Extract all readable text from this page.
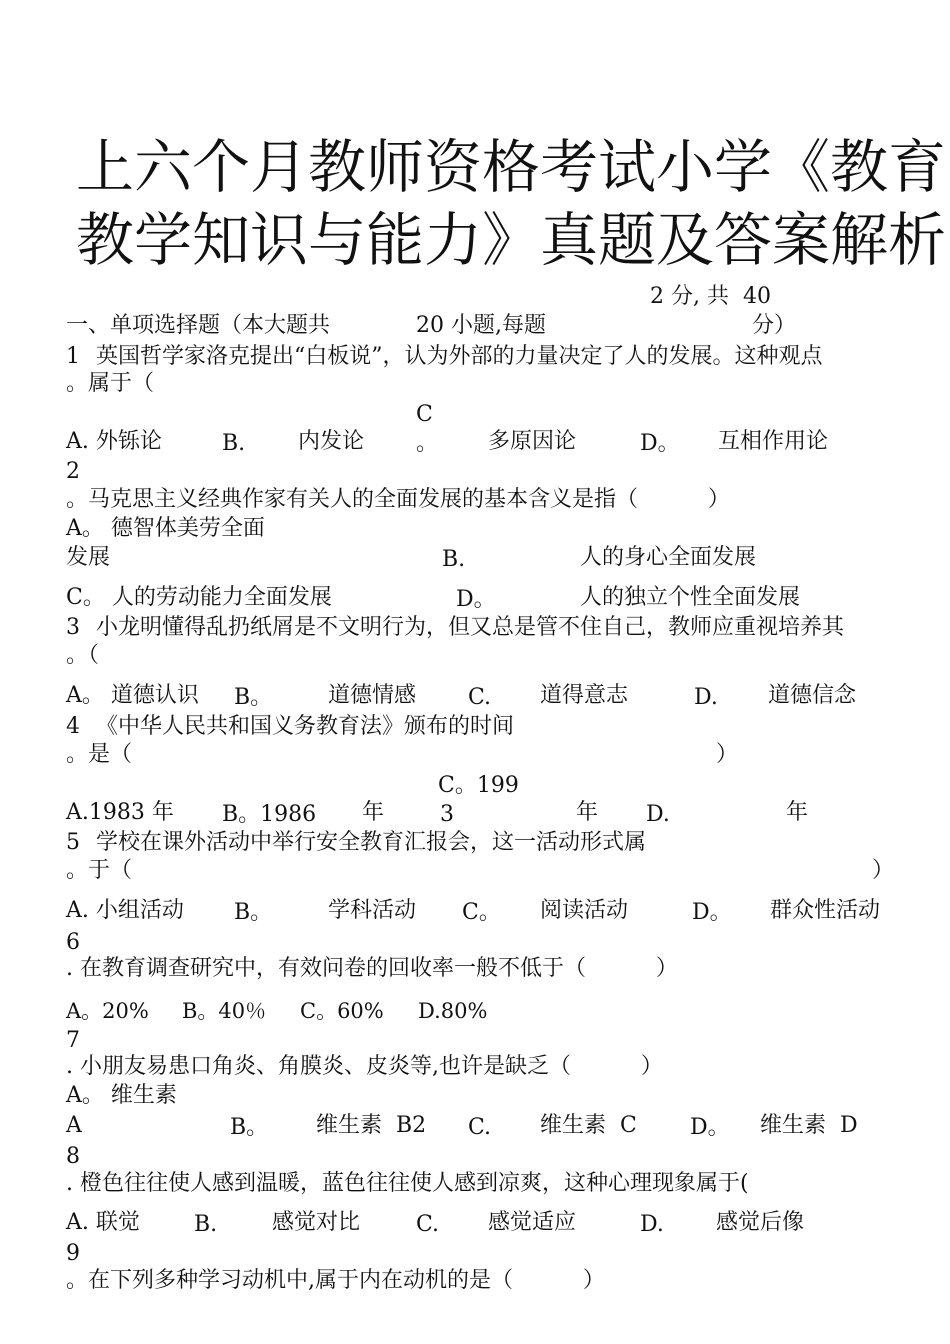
上六个月教师资格考试小学《教育
教学知识与能力》真题及答案解析
2 分, 共  40
一、单项选择题（本大题共	20 小题,每题	分）
1 英国哲学家洛克提出“白板说”，认为外部的力量决定了人的发展。这种观点
。属于（
C
A. 外铄论	B. 内发论 。 多原因论	D。 互相作用论
2
。马克思主义经典作家有关人的全面发展的基本含义是指（          ）
A。 德智体美劳全面
发展	B.	人的身心全面发展
C。 人的劳动能力全面发展	D。	人的独立个性全面发展
3 小龙明懂得乱扔纸屑是不文明行为，但又总是管不住自己，教师应重视培养其
。（
A。 道德认识 B。	道德情感 C. 道得意志	D. 道德信念
4 《中华人民共和国义务教育法》颁布的时间
。是（	）
C。199
A.1983 年 B。1986 年	3	年 D.	年
5 学校在课外活动中举行安全教育汇报会，这一活动形式属
。于（	）
A. 小组活动 B。	学科活动 C。 阅读活动	D。 群众性活动
6
. 在教育调查研究中，有效问卷的回收率一般不低于（          ）
A。20% B。40％ C。60% D.80%
7
. 小朋友易患口角炎、角膜炎、皮炎等,也许是缺乏（          ）
A。 维生素
A	B。 维生素  B2 C. 维生素  C D。 维生素  D
8
. 橙色往往使人感到温暖，蓝色往往使人感到凉爽，这种心理现象属于(
A. 联觉 B. 感觉对比	C. 感觉适应	D. 感觉后像
9
。在下列多种学习动机中,属于内在动机的是（          ）
